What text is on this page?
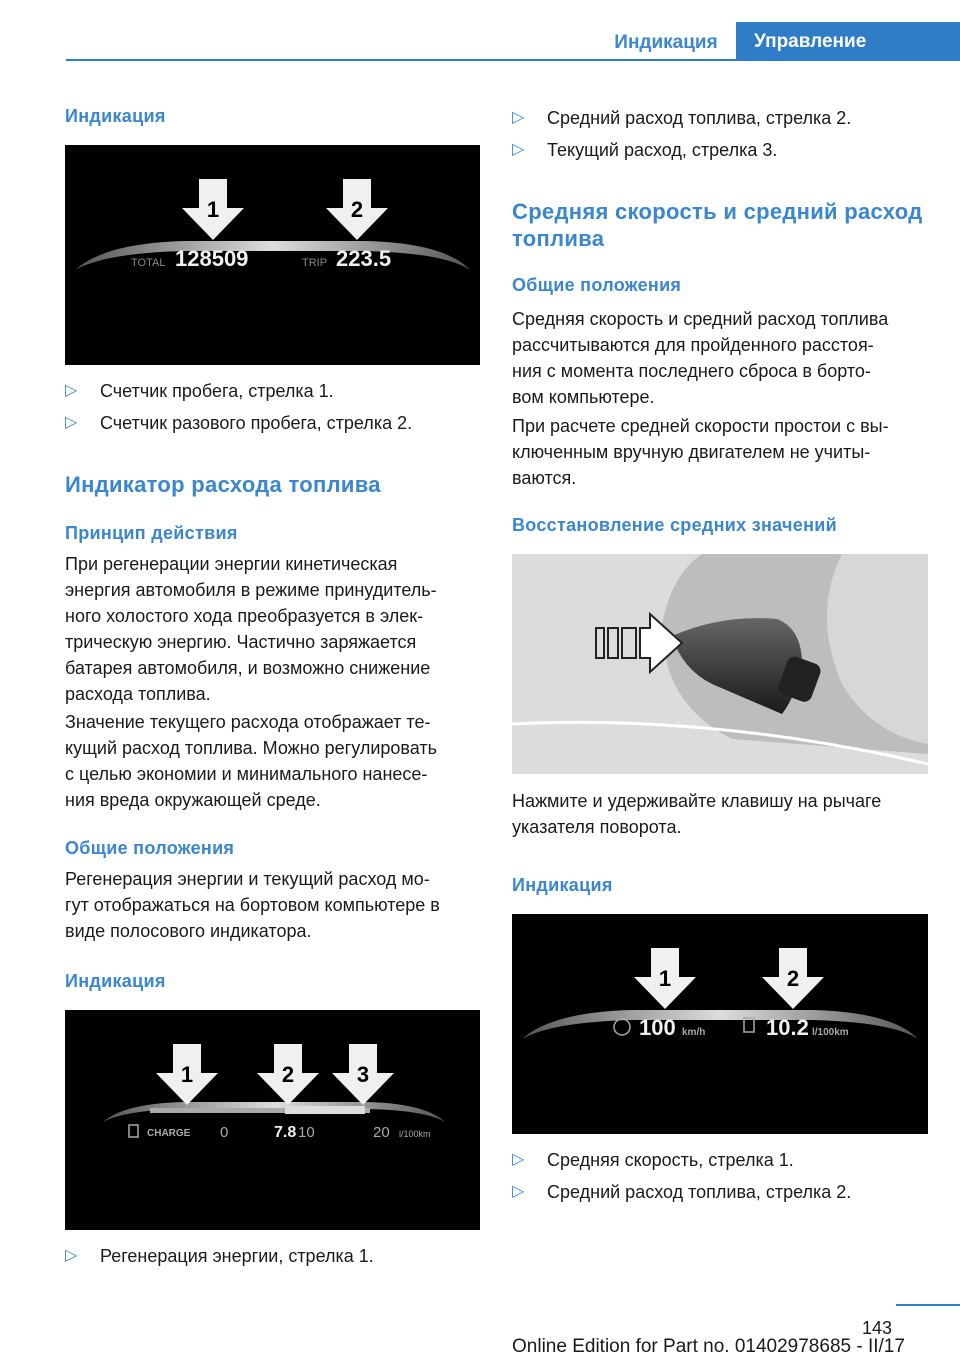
Индикация	Управление
Индикация
1	2
TOTAL 128509	TRIP 223.5
▷ Счетчик пробега, стрелка 1.
▷ Счетчик разового пробега, стрелка 2.
Индикатор расхода топлива
Принцип действия
При регенерации энергии кинетическая
энергия автомобиля в режиме принудитель‐
ного холостого хода преобразуется в элек‐
трическую энергию. Частично заряжается
батарея автомобиля, и возможно снижение
расхода топлива.
Значение текущего расхода отображает те‐
кущий расход топлива. Можно регулировать
с целью экономии и минимального нанесе‐
ния вреда окружающей среде.
Общие положения
Регенерация энергии и текущий расход мо‐
гут отображаться на бортовом компьютере в
виде полосового индикатора.
Индикация
1	2	3
CHARGE 0	7.8 10	20 l/100km
▷ Регенерация энергии, стрелка 1.
▷ Средний расход топлива, стрелка 2.
▷ Текущий расход, стрелка 3.
Средняя скорость и средний расход
топлива
Общие положения
Средняя скорость и средний расход топлива
рассчитываются для пройденного расстоя‐
ния с момента последнего сброса в борто‐
вом компьютере.
При расчете средней скорости простои с вы‐
ключенным вручную двигателем не учиты‐
ваются.
Восстановление средних значений
Нажмите и удерживайте клавишу на рычаге
указателя поворота.
Индикация
1	2
100 km/h	10.2 l/100km
▷ Средняя скорость, стрелка 1.
▷ Средний расход топлива, стрелка 2.
143
Online Edition for Part no. 01402978685 - II/17
